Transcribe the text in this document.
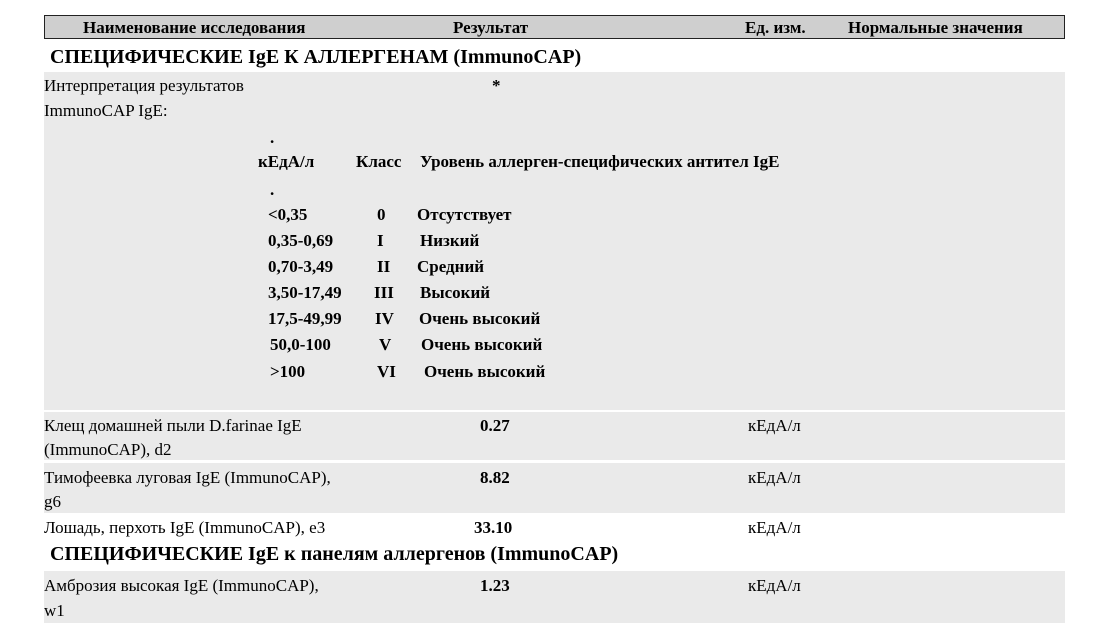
Наименование исследования	Результат	Ед. изм. Нормальные значения
СПЕЦИФИЧЕСКИЕ IgE К АЛЛЕРГЕНАМ (ImmunoCAP)
Интерпретация результатов
ImmunoCAP IgE:
*
.
кЕдА/л Класс Уровень аллерген-специфических антител IgE
.
<0,35	0 Отсутствует
0,35-0,69	I Низкий
0,70-3,49	II Средний
3,50-17,49 III Высокий
17,5-49,99 IV Очень высокий
50,0-100	V Очень высокий
>100	VI Очень высокий
Клещ домашней пыли D.farinae IgE
(ImmunoCAP), d2
0.27	кЕдА/л
Тимофеевка луговая IgE (ImmunoCAP),
g6
8.82	кЕдА/л
Лошадь, перхоть IgE (ImmunoCAP), e3	33.10	кЕдА/л
СПЕЦИФИЧЕСКИЕ IgE к панелям аллергенов (ImmunoCAP)
Амброзия высокая IgE (ImmunoCAP),
w1
1.23	кЕдА/л
